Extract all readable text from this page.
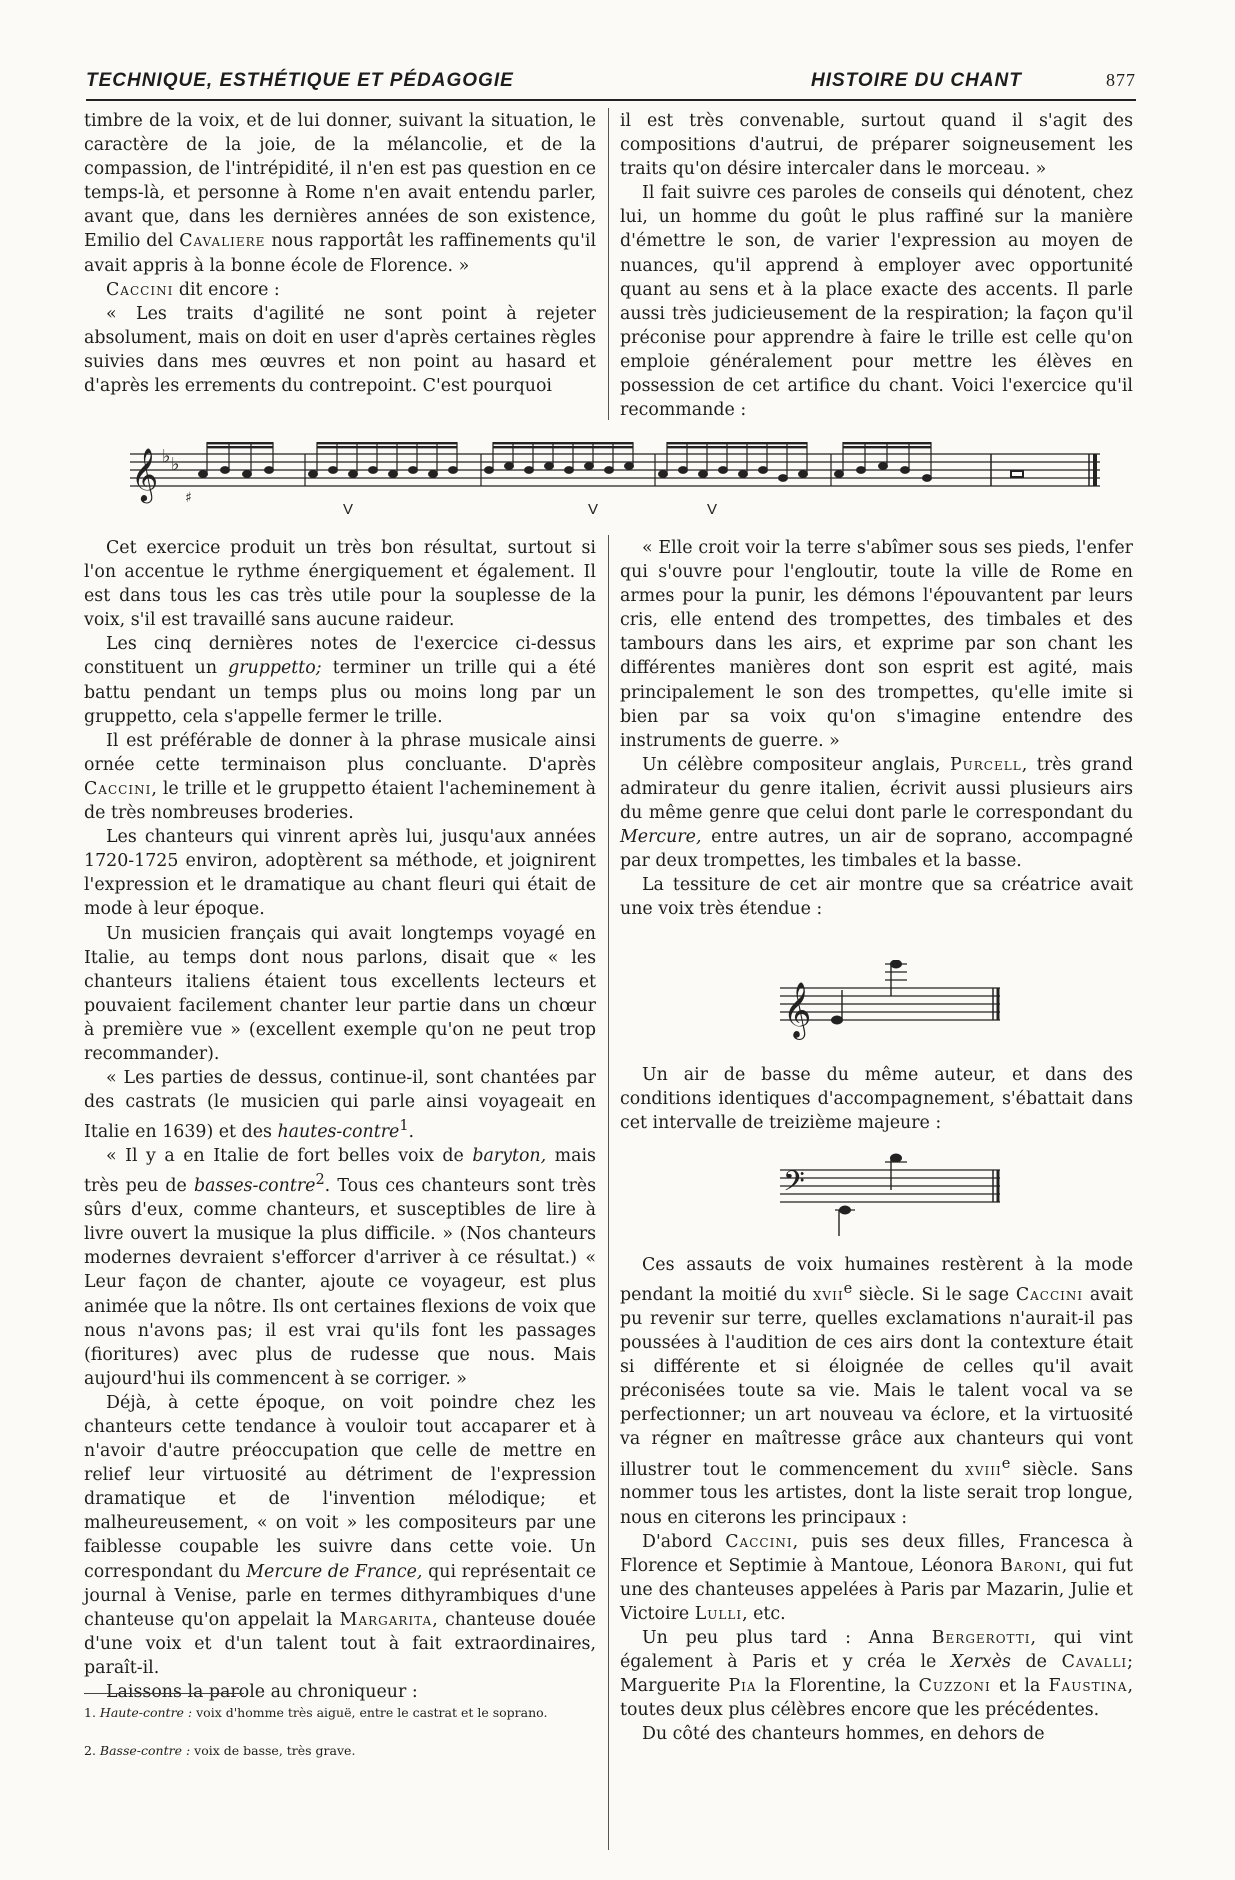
TECHNIQUE, ESTHÉTIQUE ET PÉDAGOGIE	HISTOIRE DU CHANT	877

timbre de la voix, et de lui donner, suivant la situation, le caractère de la joie, de la mélancolie, et de la compassion, de l'intrépidité, il n'en est pas question en ce temps-là, et personne à Rome n'en avait entendu parler, avant que, dans les dernières années de son existence, Emilio del Cavaliere nous rapportât les raffinements qu'il avait appris à la bonne école de Florence. »

Caccini dit encore :

« Les traits d'agilité ne sont point à rejeter absolument, mais on doit en user d'après certaines règles suivies dans mes œuvres et non point au hasard et d'après les errements du contrepoint. C'est pourquoi

il est très convenable, surtout quand il s'agit des compositions d'autrui, de préparer soigneusement les traits qu'on désire intercaler dans le morceau. »

Il fait suivre ces paroles de conseils qui dénotent, chez lui, un homme du goût le plus raffiné sur la manière d'émettre le son, de varier l'expression au moyen de nuances, qu'il apprend à employer avec opportunité quant au sens et à la place exacte des accents. Il parle aussi très judicieusement de la respiration; la façon qu'il préconise pour apprendre à faire le trille est celle qu'on emploie généralement pour mettre les élèves en possession de cet artifice du chant. Voici l'exercice qu'il recommande :

𝄞 ♭ ♭
♯
V	V	V

Cet exercice produit un très bon résultat, surtout si l'on accentue le rythme énergiquement et également. Il est dans tous les cas très utile pour la souplesse de la voix, s'il est travaillé sans aucune raideur.

Les cinq dernières notes de l'exercice ci-dessus constituent un gruppetto; terminer un trille qui a été battu pendant un temps plus ou moins long par un gruppetto, cela s'appelle fermer le trille.

Il est préférable de donner à la phrase musicale ainsi ornée cette terminaison plus concluante. D'après Caccini, le trille et le gruppetto étaient l'acheminement à de très nombreuses broderies.

Les chanteurs qui vinrent après lui, jusqu'aux années 1720-1725 environ, adoptèrent sa méthode, et joignirent l'expression et le dramatique au chant fleuri qui était de mode à leur époque.

Un musicien français qui avait longtemps voyagé en Italie, au temps dont nous parlons, disait que « les chanteurs italiens étaient tous excellents lecteurs et pouvaient facilement chanter leur partie dans un chœur à première vue » (excellent exemple qu'on ne peut trop recommander).

« Les parties de dessus, continue-il, sont chantées par des castrats (le musicien qui parle ainsi voyageait en Italie en 1639) et des hautes-contre$^1$.

« Il y a en Italie de fort belles voix de baryton, mais très peu de basses-contre$^2$. Tous ces chanteurs sont très sûrs d'eux, comme chanteurs, et susceptibles de lire à livre ouvert la musique la plus difficile. » (Nos chanteurs modernes devraient s'efforcer d'arriver à ce résultat.) « Leur façon de chanter, ajoute ce voyageur, est plus animée que la nôtre. Ils ont certaines flexions de voix que nous n'avons pas; il est vrai qu'ils font les passages (fioritures) avec plus de rudesse que nous. Mais aujourd'hui ils commencent à se corriger. »

Déjà, à cette époque, on voit poindre chez les chanteurs cette tendance à vouloir tout accaparer et à n'avoir d'autre préoccupation que celle de mettre en relief leur virtuosité au détriment de l'expression dramatique et de l'invention mélodique; et malheureusement, « on voit » les compositeurs par une faiblesse coupable les suivre dans cette voie. Un correspondant du Mercure de France, qui représentait ce journal à Venise, parle en termes dithyrambiques d'une chanteuse qu'on appelait la Margarita, chanteuse douée d'une voix et d'un talent tout à fait extraordinaires, paraît-il.

Laissons la parole au chroniqueur :

1. Haute-contre : voix d'homme très aiguë, entre le castrat et le soprano.
2. Basse-contre : voix de basse, très grave.

« Elle croit voir la terre s'abîmer sous ses pieds, l'enfer qui s'ouvre pour l'engloutir, toute la ville de Rome en armes pour la punir, les démons l'épouvantent par leurs cris, elle entend des trompettes, des timbales et des tambours dans les airs, et exprime par son chant les différentes manières dont son esprit est agité, mais principalement le son des trompettes, qu'elle imite si bien par sa voix qu'on s'imagine entendre des instruments de guerre. »

Un célèbre compositeur anglais, Purcell, très grand admirateur du genre italien, écrivit aussi plusieurs airs du même genre que celui dont parle le correspondant du Mercure, entre autres, un air de soprano, accompagné par deux trompettes, les timbales et la basse.

La tessiture de cet air montre que sa créatrice avait une voix très étendue :

𝄞

Un air de basse du même auteur, et dans des conditions identiques d'accompagnement, s'ébattait dans cet intervalle de treizième majeure :

𝄢

Ces assauts de voix humaines restèrent à la mode pendant la moitié du xvii$^e$ siècle. Si le sage Caccini avait pu revenir sur terre, quelles exclamations n'aurait-il pas poussées à l'audition de ces airs dont la contexture était si différente et si éloignée de celles qu'il avait préconisées toute sa vie. Mais le talent vocal va se perfectionner; un art nouveau va éclore, et la virtuosité va régner en maîtresse grâce aux chanteurs qui vont illustrer tout le commencement du xviii$^e$ siècle. Sans nommer tous les artistes, dont la liste serait trop longue, nous en citerons les principaux :

D'abord Caccini, puis ses deux filles, Francesca à Florence et Septimie à Mantoue, Léonora Baroni, qui fut une des chanteuses appelées à Paris par Mazarin, Julie et Victoire Lulli, etc.

Un peu plus tard : Anna Bergerotti, qui vint également à Paris et y créa le Xerxès de Cavalli; Marguerite Pia la Florentine, la Cuzzoni et la Faustina, toutes deux plus célèbres encore que les précédentes.

Du côté des chanteurs hommes, en dehors de
